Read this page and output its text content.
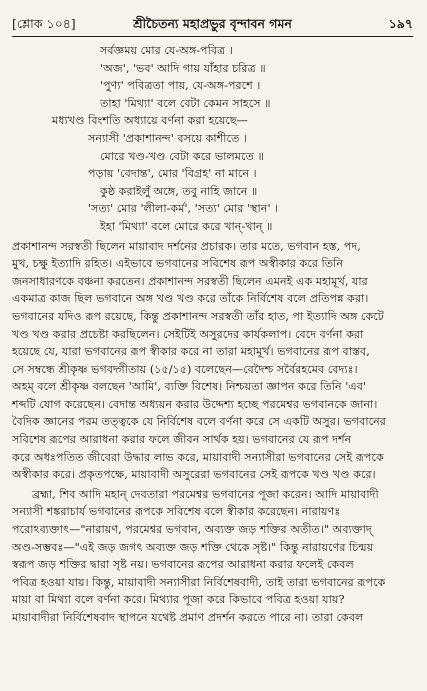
[শ্লোক ১০৪]	শ্রীচৈতন্য মহাপ্রভুর বৃন্দাবন গমন	১৯৭
সর্বজ্ঞময় মোর যে-অঙ্গ-পবিত্র ।
'অজ', 'ভব' আদি গায় যাঁহার চরিত্র ॥
'পুণ্য' পবিত্রতা পায়, যে-অঙ্গ-পরশে ।
তাহা 'মিথ্যা' বলে বেটা কেমন সাহসে ॥
মধ্যখণ্ড বিংশতি অধ্যায়ে বর্ণনা করা হয়েছে—
সন্যাসী 'প্রকাশানন্দ' বসয়ে কাশীতে ।
মোরে খণ্ড-খণ্ড বেটা করে ভালমতে ॥
পড়ায় 'বেদান্ত', মোর 'বিগ্রহ' না মানে ।
কুষ্ঠ করাইলুঁ অঙ্গে, তবু নাহি জানে ॥
'সত্য' মোর 'লীলা-কর্ম', 'সত্য' মোর 'স্থান' ।
ইহা 'মিথ্যা' বলে মোরে করে খান্‌-খান্‌ ॥
প্রকাশানন্দ সরস্বতী ছিলেন মায়াবাদ দর্শনের প্রচারক। তার মতে, ভগবান হস্ত, পদ,
মুখ, চক্ষু ইত্যাদি রহিত। এইভাবে ভগবানের সবিশেষ রূপ অস্বীকার করে তিনি
জনসাধারণকে বঞ্চনা করতেন। প্রকাশানন্দ সরস্বতী ছিলেন এমনই এক মহামূর্খ, যার
একমাত্র কাজ ছিল ভগবানে অঙ্গ খণ্ড খণ্ড করে তাঁকে নির্বিশেষ বলে প্রতিপন্ন করা।
ভগবানের যদিও রূপ রয়েছে, কিন্তু প্রকাশানন্দ সরস্বতী তাঁর হাত, পা ইত্যাদি অঙ্গ কেটে
খণ্ড খণ্ড করার প্রচেষ্টা করছিলেন। সেইটিই অসুরদের কার্যকলাপ। বেদে বর্ণনা করা
হয়েছে যে, যারা ভগবানের রূপ স্বীকার করে না তারা মহামূর্খ। ভগবানের রূপ বাস্তব,
সে সম্বন্ধে শ্রীকৃষ্ণ ভগবদ্গীতায় (১৫/১৫) বলেছেন—বেদৈশ্চ সর্বৈরহমেব বেদ্যঃ।
অহম্‌ বলে শ্রীকৃষ্ণ বলছেন 'আমি', ব্যক্তি বিশেষ। নিশ্চয়তা জ্ঞাপন করে তিনি 'এব'
শব্দটি যোগ করেছেন। বেদান্ত অধ্যয়ন করার উদ্দেশ্য হচ্ছে পরমেশ্বর ভগবানকে জানা।
বৈদিক জ্ঞানের পরম তত্ত্বকে যে নির্বিশেষ বলে বর্ণনা করে সে একটি অসুর। ভগবানের
সবিশেষ রূপের আরাধনা করার ফলে জীবন সার্থক হয়। ভগবানের যে রূপ দর্শন
করে অধঃপতিত জীবেরা উদ্ধার লাভ করে, মায়াবাদী সন্যাসীরা ভগবানের সেই রূপকে
অস্বীকার করে। প্রকৃতপক্ষে, মায়াবাদী অসুরেরা ভগবানের সেই রূপকে খণ্ড খণ্ড করে।
ব্রহ্মা, শিব আদি মহান্‌ দেবতারা পরমেশ্বর ভগবানের পূজা করেন। আদি মায়াবাদী
সন্যাসী শঙ্করাচার্য ভগবানের রূপকে সবিশেষ বলে স্বীকার করেছেন। নারায়ণঃ
পরোঽব্যক্তাৎ—"নারায়ণ, পরমেশ্বর ভগবান, অব্যক্ত জড় শক্তির অতীত।" অব্যক্তাদ্‌
অণ্ড-সম্ভবঃ—"এই জড় জগৎ অব্যক্ত জড় শক্তি থেকে সৃষ্ট।" কিন্তু নারায়ণের চিন্ময়
স্বরূপ জড় শক্তির দ্বারা সৃষ্ট নয়। ভগবানের রূপের আরাধনা করার ফলেই কেবল
পবিত্র হওয়া যায়। কিন্তু, মায়াবাদী সন্যাসীরা নির্বিশেষবাদী, তাই তারা ভগবানের রূপকে
মায়া বা মিথ্যা বলে বর্ণনা করে। মিথ্যার পূজা করে কিভাবে পবিত্র হওয়া যায়?
মায়াবাদীরা নির্বিশেষবাদ স্থাপনে যথেষ্ট প্রমাণ প্রদর্শন করতে পারে না। তারা কেবল
